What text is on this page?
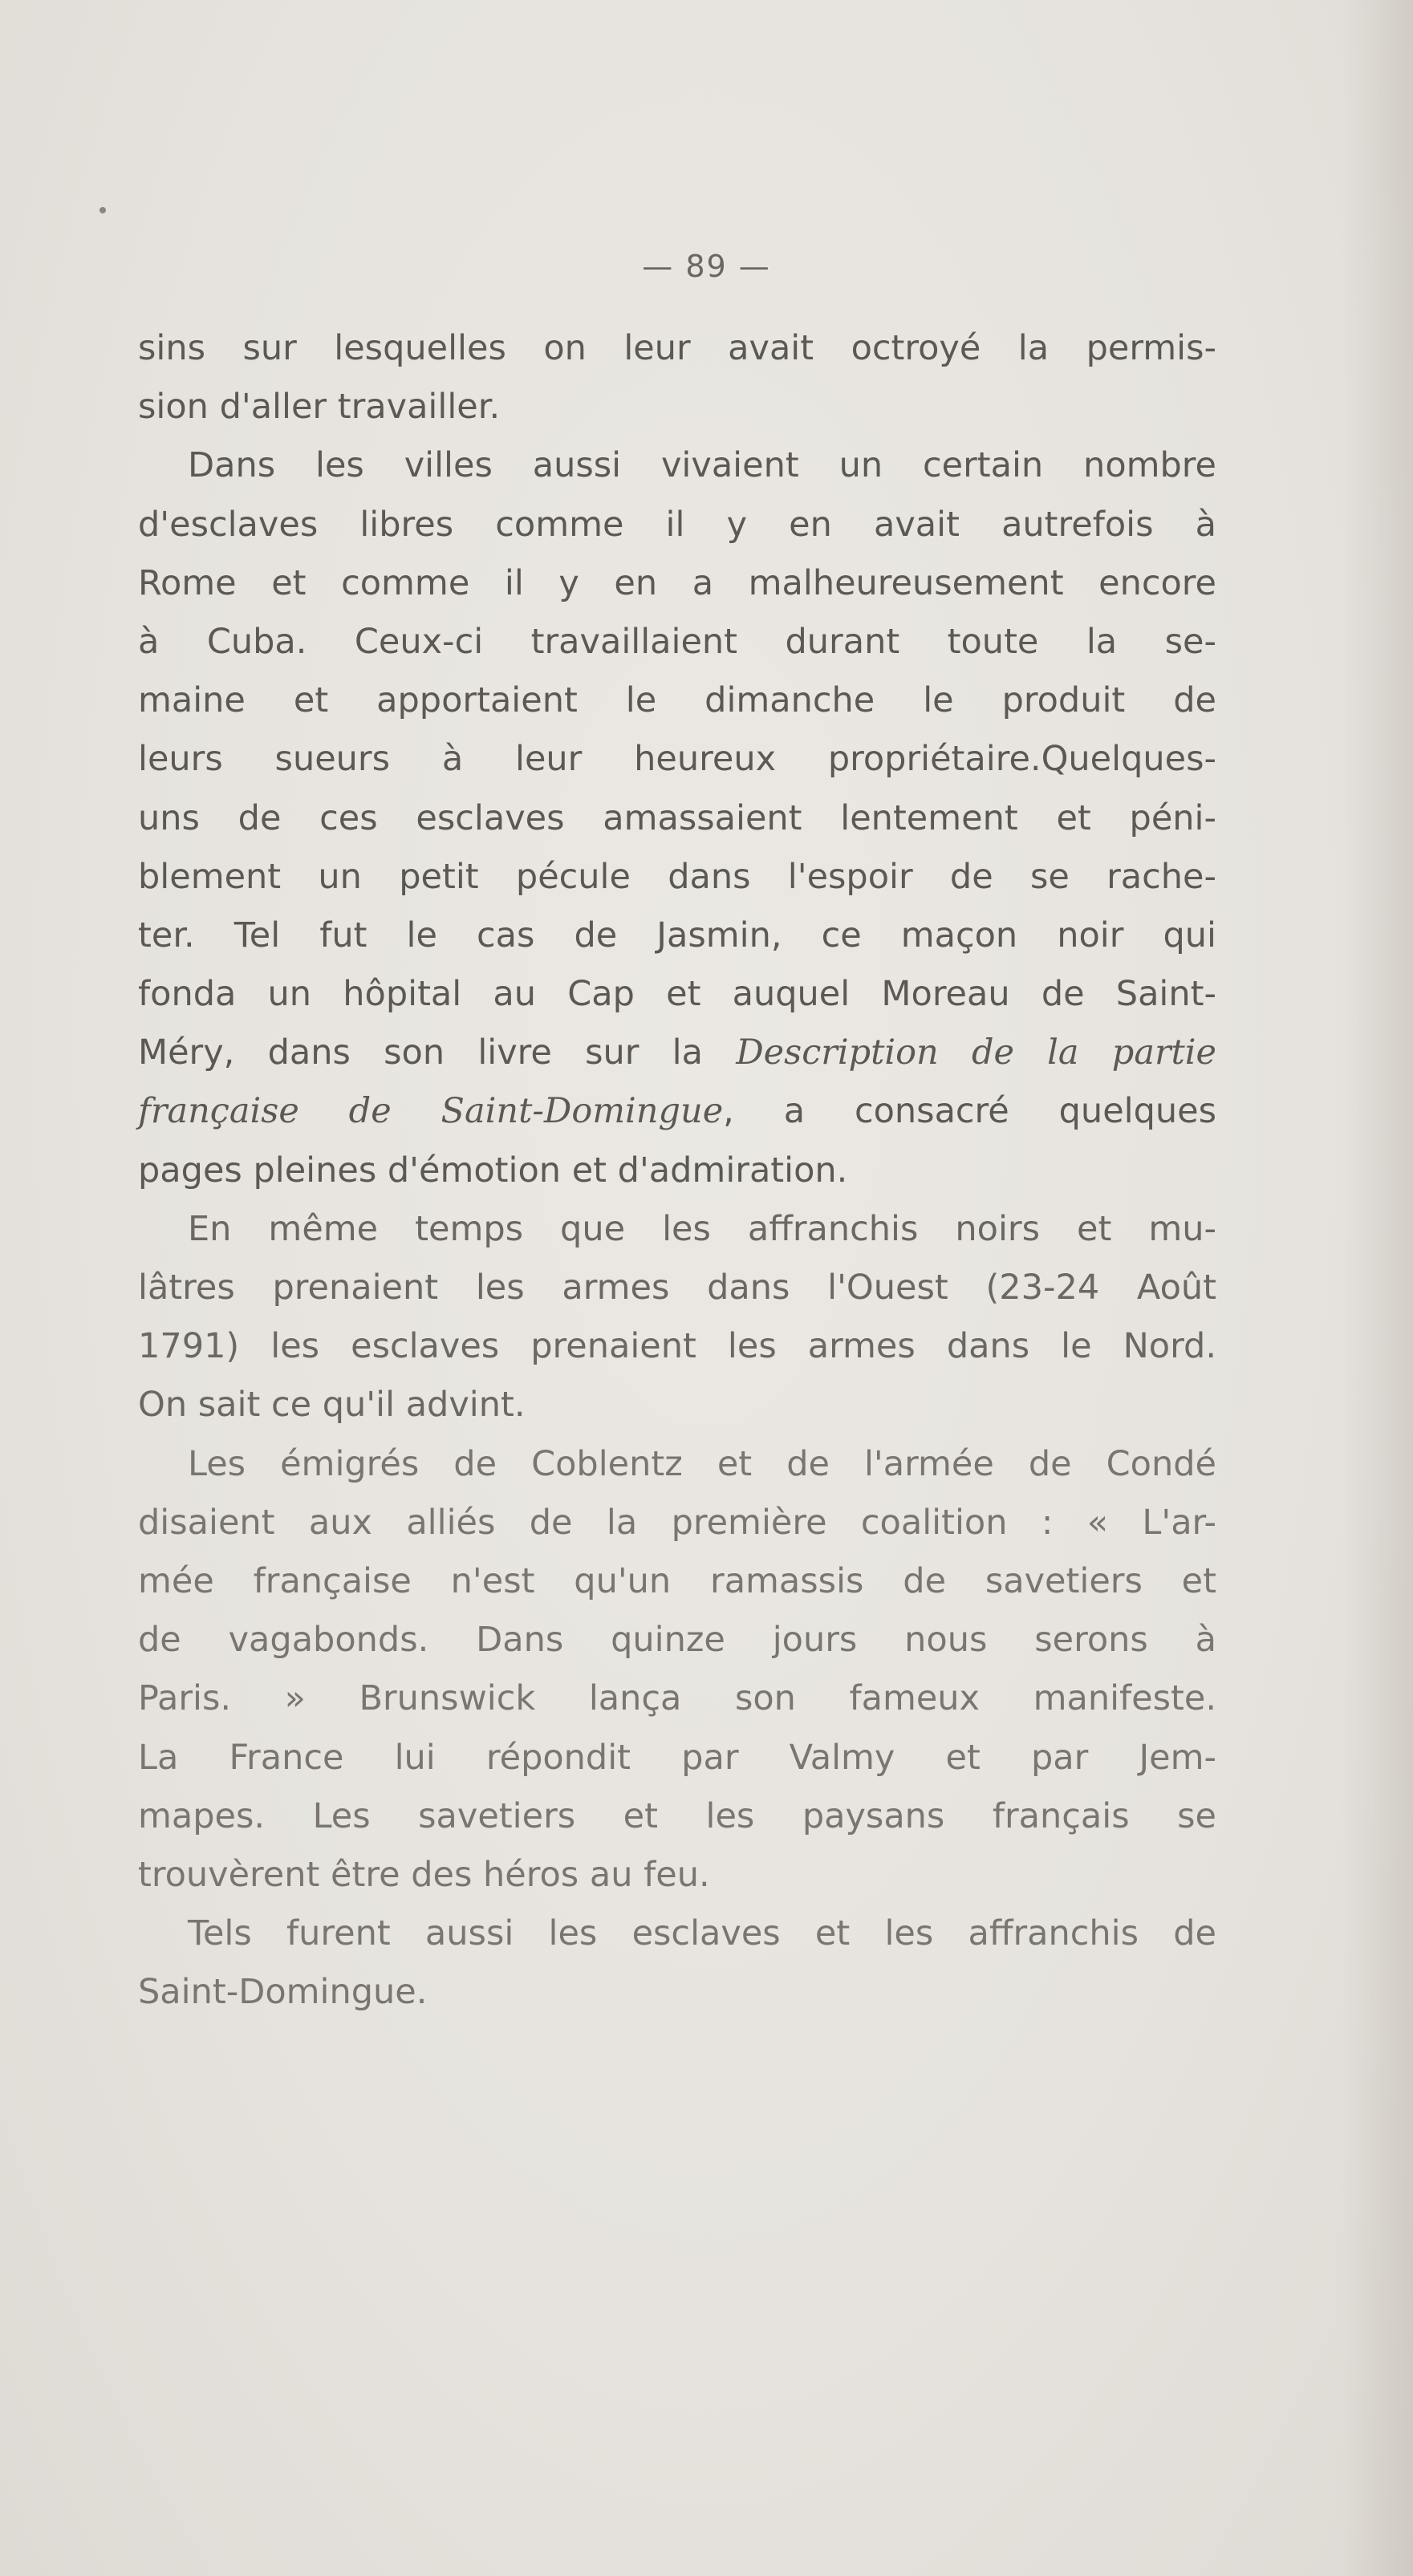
— 89 —
sins sur lesquelles on leur avait octroyé la permis-
sion d'aller travailler.
Dans les villes aussi vivaient un certain nombre
d'esclaves libres comme il y en avait autrefois à
Rome et comme il y en a malheureusement encore
à Cuba. Ceux-ci travaillaient durant toute la se-
maine et apportaient le dimanche le produit de
leurs sueurs à leur heureux propriétaire.Quelques-
uns de ces esclaves amassaient lentement et péni-
blement un petit pécule dans l'espoir de se rache-
ter. Tel fut le cas de Jasmin, ce maçon noir qui
fonda un hôpital au Cap et auquel Moreau de Saint-
Méry, dans son livre sur la Description de la partie
française de Saint-Domingue, a consacré quelques
pages pleines d'émotion et d'admiration.
En même temps que les affranchis noirs et mu-
lâtres prenaient les armes dans l'Ouest (23-24 Août
1791) les esclaves prenaient les armes dans le Nord.
On sait ce qu'il advint.
Les émigrés de Coblentz et de l'armée de Condé
disaient aux alliés de la première coalition : « L'ar-
mée française n'est qu'un ramassis de savetiers et
de vagabonds. Dans quinze jours nous serons à
Paris. » Brunswick lança son fameux manifeste.
La France lui répondit par Valmy et par Jem-
mapes. Les savetiers et les paysans français se
trouvèrent être des héros au feu.
Tels furent aussi les esclaves et les affranchis de
Saint-Domingue.
